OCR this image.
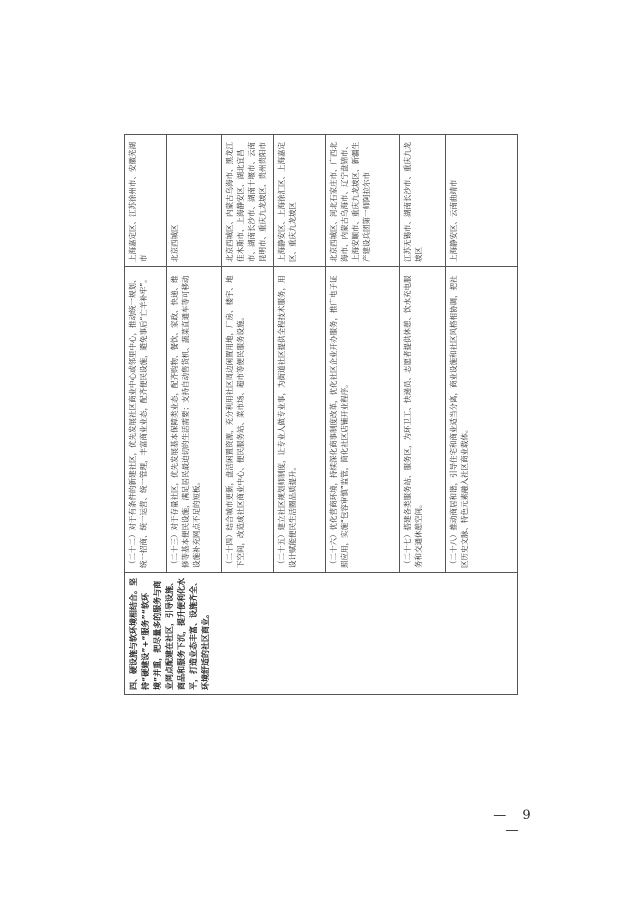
四、硬设施与软环境相结合。坚持“硬建设”+“服务”“软环境”并重，把尽量多的服务与商业网点配建在社区，引导设施、商品和服务下沉，提升便利化水平，打造业态丰富、设施齐全、环境舒适的社区商业。	（二十二）对于有条件的新建社区，优先发展社区商业中心或邻里中心，推动统一规划、统一招商、统一运营、统一管理，丰富商业业态，配齐便民设施，避免事后“亡羊补牢”。	上海嘉定区、江苏徐州市、安徽芜湖市
	（二十三）对于存量社区，优先发展基本保障类业态，配齐购物、餐饮、家政、快递、维修等基本便民设施，满足居民最迫切的生活需要；支持自动售货机、蔬菜直通车等可移动设施补充网点不足的短板。	北京西城区
	（二十四）结合城市更新，盘活闲置资源，充分利用社区周边闲置用地，厂房、楼宇、地下空间，改造成社区商业中心、便民服务站、菜市场、超市等便民服务设施。	北京西城区、内蒙古乌海市、黑龙江佳木斯市、上海静安区、湖北宜昌市、湖南长沙市、湖南十堰市、云南昆明市、重庆九龙坡区、贵州贵阳市
	（二十五）建立社区规划师制度，让专业人做专业事，为街道社区提供全程技术服务，用设计赋能便民生活圈品质提升。	上海静安区、上海徐汇区、上海嘉定区、重庆九龙坡区
	（二十六）优化营商环境，持续深化商事制度改革，优化社区企业开办服务，推广电子证照应用，实施“包容审慎”监管，简化社区店铺开业程序。	北京西城区、河北石家庄市、广西北海市、内蒙古乌海市、辽宁盘锦市、上海安顺市、重庆九龙坡区、新疆生产建设兵团第一师阿拉尔市
	（二十七）搭建各类服务站、服务区，为环卫工、快递员、志愿者提供休憩、饮水充电服务和交通休憩空间。	江苏无锡市、湖南长沙市、重庆九龙坡区
	（二十八）推动商居和谐，引导住宅和商业适当分离，商业设施和社区风格相协调，把社区历史文脉、特色元素融入社区商业载体。	上海静安区、云南曲靖市
— 9 —
